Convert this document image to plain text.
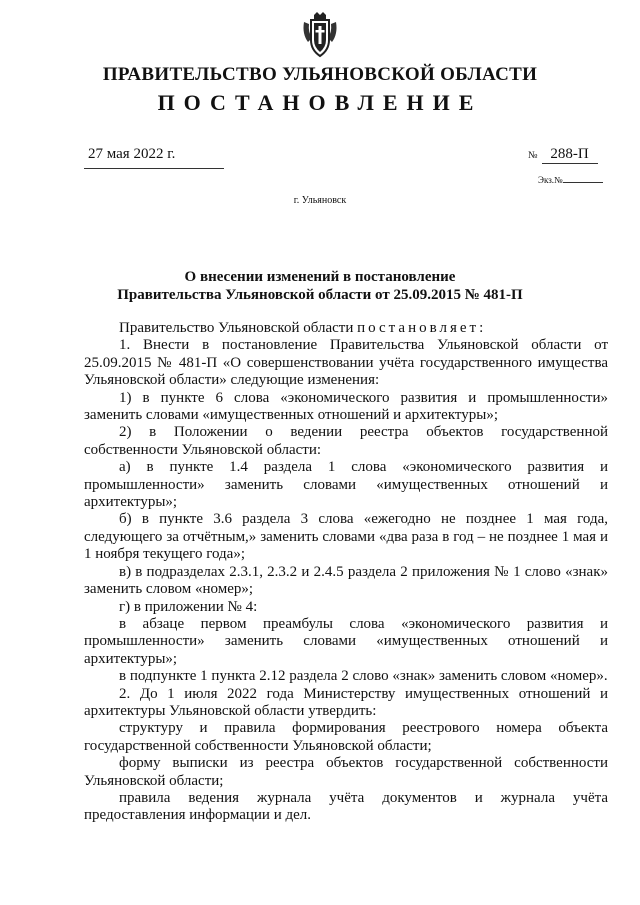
ПРАВИТЕЛЬСТВО УЛЬЯНОВСКОЙ ОБЛАСТИ
ПОСТАНОВЛЕНИЕ
27 мая 2022 г.	№ 288-П
Экз.№
г. Ульяновск
О внесении изменений в постановление
Правительства Ульяновской области от 25.09.2015 № 481-П

Правительство Ульяновской области постановляет:

1. Внести в постановление Правительства Ульяновской области от 25.09.2015 № 481-П «О совершенствовании учёта государственного имущества Ульяновской области» следующие изменения:

1) в пункте 6 слова «экономического развития и промышленности» заменить словами «имущественных отношений и архитектуры»;

2) в Положении о ведении реестра объектов государственной собственности Ульяновской области:

а) в пункте 1.4 раздела 1 слова «экономического развития и промышленности» заменить словами «имущественных отношений и архитектуры»;

б) в пункте 3.6 раздела 3 слова «ежегодно не позднее 1 мая года, следующего за отчётным,» заменить словами «два раза в год – не позднее 1 мая и 1 ноября текущего года»;

в) в подразделах 2.3.1, 2.3.2 и 2.4.5 раздела 2 приложения № 1 слово «знак» заменить словом «номер»;

г) в приложении № 4:

в абзаце первом преамбулы слова «экономического развития и промышленности» заменить словами «имущественных отношений и архитектуры»;

в подпункте 1 пункта 2.12 раздела 2 слово «знак» заменить словом «номер».

2. До 1 июля 2022 года Министерству имущественных отношений и архитектуры Ульяновской области утвердить:

структуру и правила формирования реестрового номера объекта государственной собственности Ульяновской области;

форму выписки из реестра объектов государственной собственности Ульяновской области;

правила ведения журнала учёта документов и журнала учёта предоставления информации и дел.
